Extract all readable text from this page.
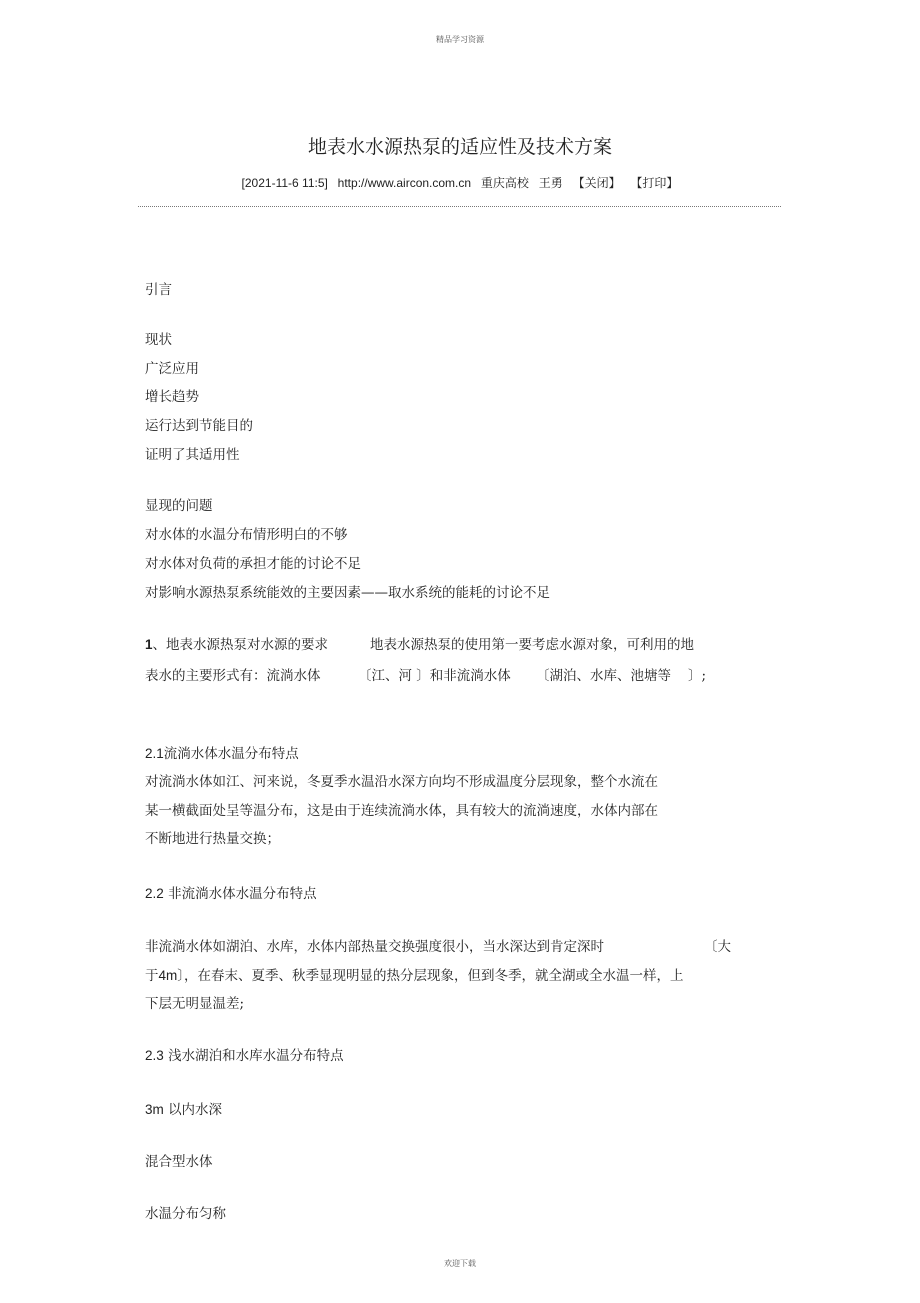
精品学习资源
地表水水源热泵的适应性及技术方案
[2021-11-6 11:5] http://www.aircon.com.cn 重庆高校 王勇 【关闭】 【打印】
引言
现状
广泛应用
增长趋势
运行达到节能目的
证明了其适用性
显现的问题
对水体的水温分布情形明白的不够
对水体对负荷的承担才能的讨论不足
对影响水源热泵系统能效的主要因素——取水系统的能耗的讨论不足
1、地表水源热泵对水源的要求	地表水源热泵的使用第一要考虑水源对象，可利用的地
表水的主要形式有：流淌水体	〔江、河 〕和非流淌水体 〔湖泊、水库、池塘等 〕;
2.1流淌水体水温分布特点
对流淌水体如江、河来说，冬夏季水温沿水深方向均不形成温度分层现象，整个水流在
某一横截面处呈等温分布，这是由于连续流淌水体，具有较大的流淌速度，水体内部在
不断地进行热量交换；
2.2 非流淌水体水温分布特点
非流淌水体如湖泊、水库，水体内部热量交换强度很小，当水深达到肯定深时	〔大
于4m〕，在春末、夏季、秋季显现明显的热分层现象，但到冬季，就全湖或全水温一样，上
下层无明显温差;
2.3 浅水湖泊和水库水温分布特点
3m 以内水深
混合型水体
水温分布匀称
欢迎下载
